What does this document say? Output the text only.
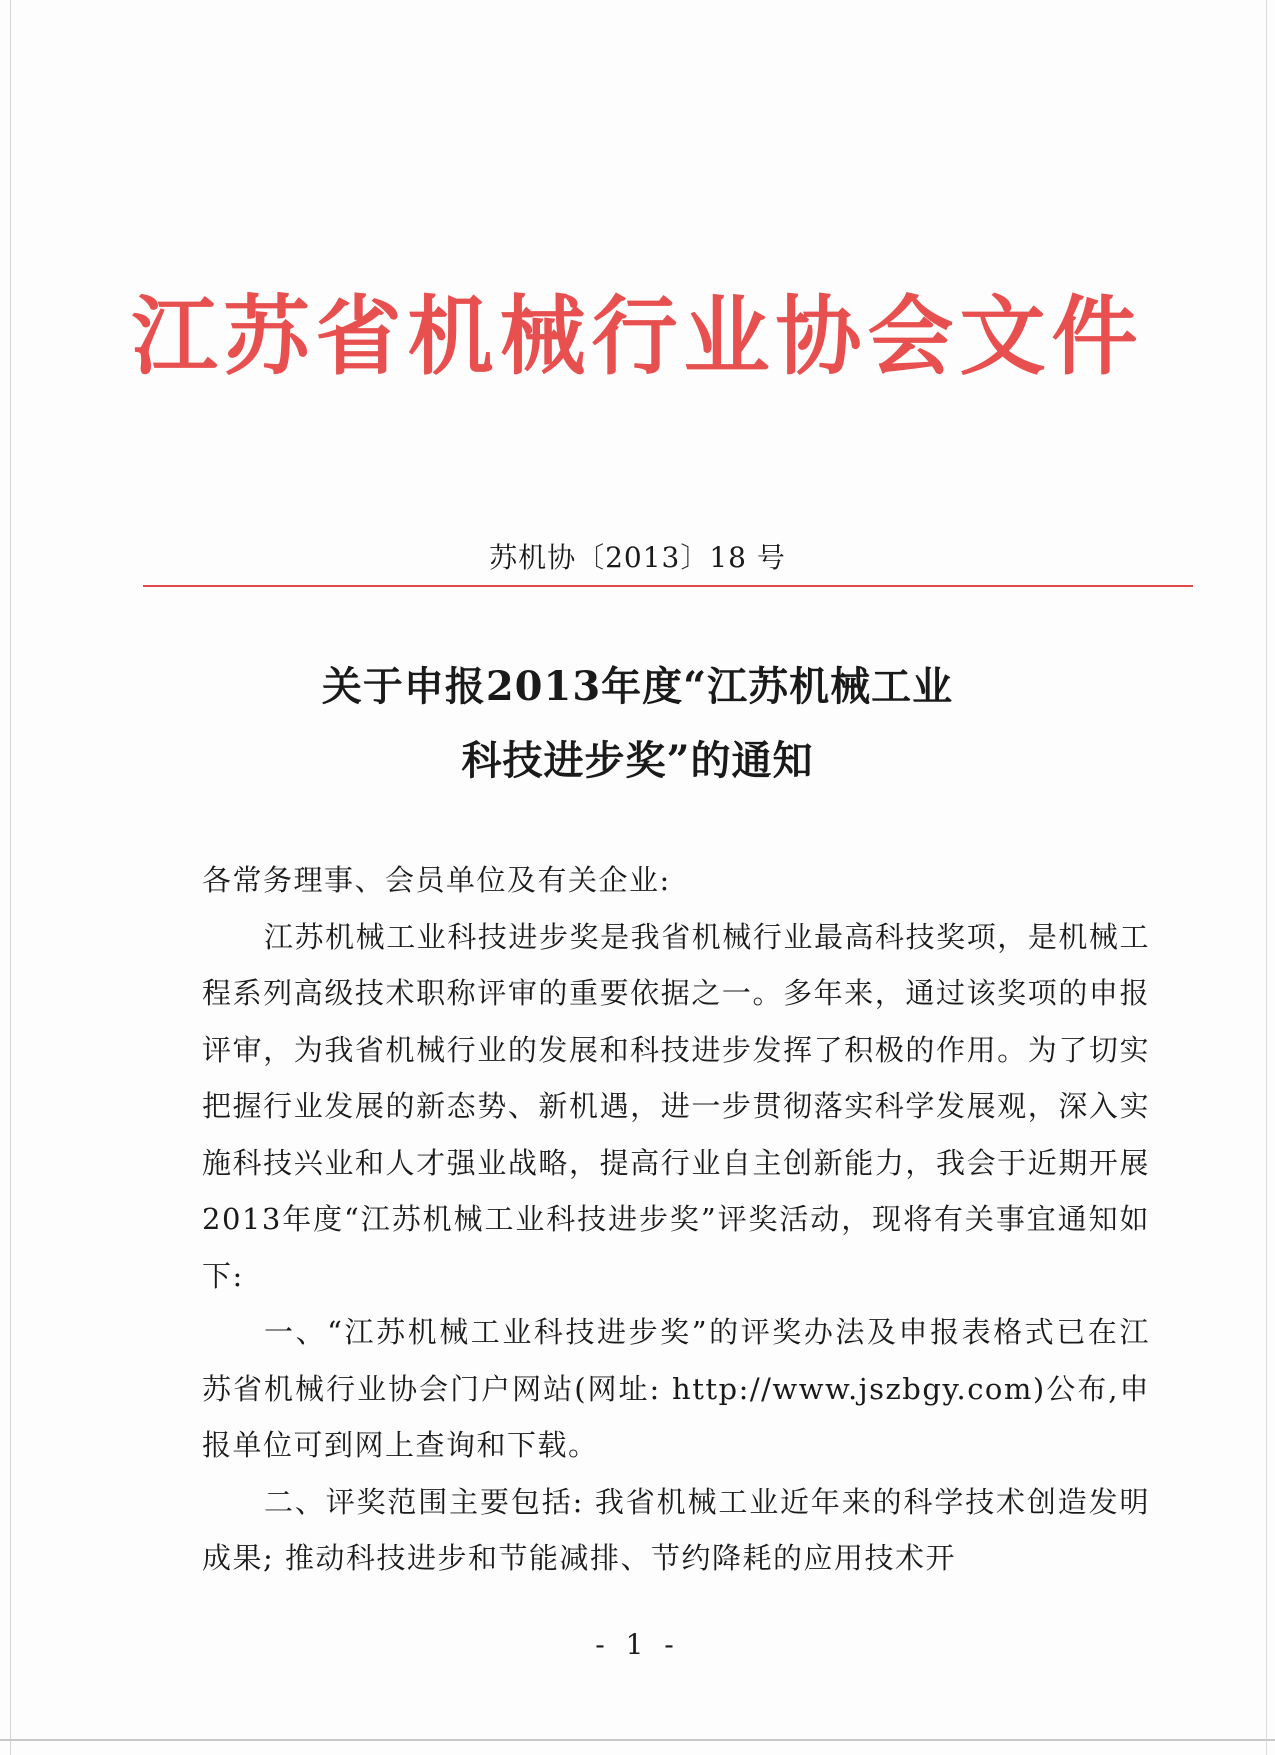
江苏省机械行业协会文件
苏机协〔2013〕18 号
关于申报2013年度“江苏机械工业
科技进步奖”的通知

各常务理事、会员单位及有关企业:

江苏机械工业科技进步奖是我省机械行业最高科技奖项，是机械工程系列高级技术职称评审的重要依据之一。多年来，通过该奖项的申报评审，为我省机械行业的发展和科技进步发挥了积极的作用。为了切实把握行业发展的新态势、新机遇，进一步贯彻落实科学发展观，深入实施科技兴业和人才强业战略，提高行业自主创新能力，我会于近期开展2013年度“江苏机械工业科技进步奖”评奖活动，现将有关事宜通知如下:

一、“江苏机械工业科技进步奖”的评奖办法及申报表格式已在江苏省机械行业协会门户网站(网址: http://www.jszbgy.com)公布,申报单位可到网上查询和下载。

二、评奖范围主要包括: 我省机械工业近年来的科学技术创造发明成果; 推动科技进步和节能减排、节约降耗的应用技术开

- 1 -
